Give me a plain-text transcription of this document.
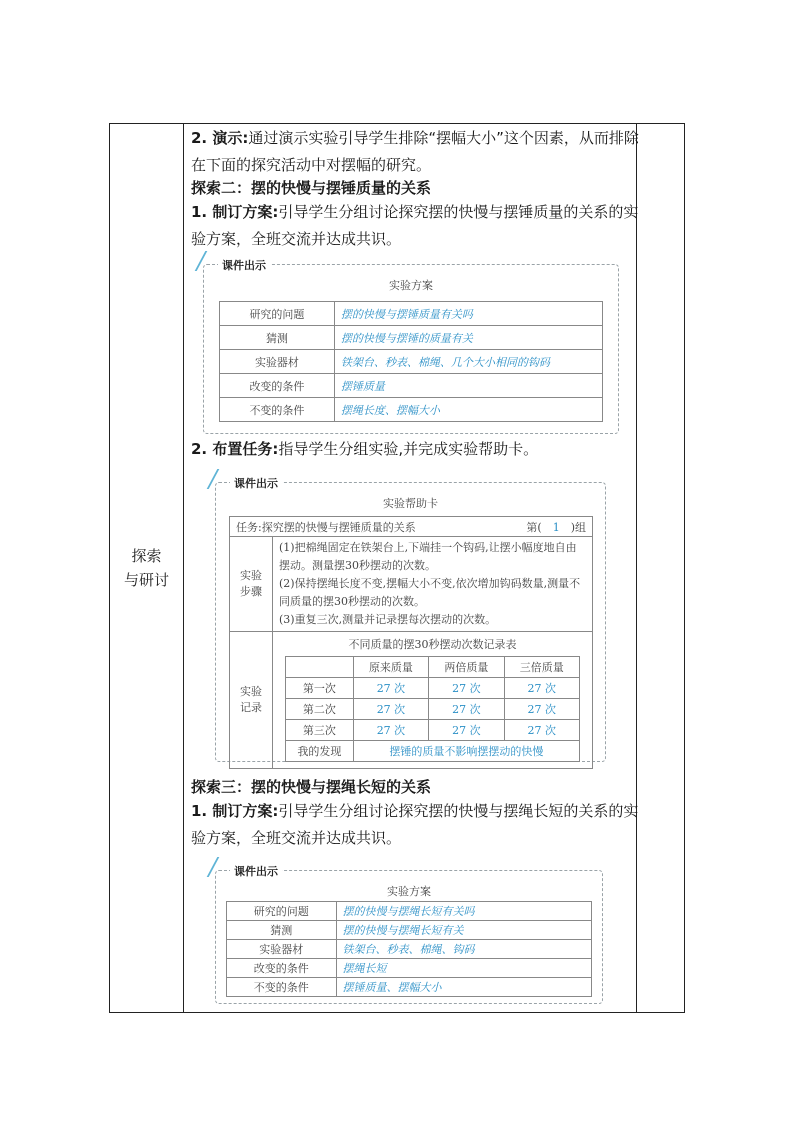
探索
与研讨
2. 演示:通过演示实验引导学生排除“摆幅大小”这个因素，从而排除在下面的探究活动中对摆幅的研究。
探索二：摆的快慢与摆锤质量的关系
1. 制订方案:引导学生分组讨论探究摆的快慢与摆锤质量的关系的实验方案，全班交流并达成共识。
课件出示
实验方案
研究的问题	摆的快慢与摆锤质量有关吗
猜测	摆的快慢与摆锤的质量有关
实验器材	铁架台、秒表、棉绳、几个大小相同的钩码
改变的条件	摆锤质量
不变的条件	摆绳长度、摆幅大小
2. 布置任务:指导学生分组实验,并完成实验帮助卡。
课件出示
实验帮助卡
任务:探究摆的快慢与摆锤质量的关系	第( 1 )组

实验步骤	
(1)把棉绳固定在铁架台上,下端挂一个钩码,让摆小幅度地自由摆动。测量摆30秒摆动的次数。
(2)保持摆绳长度不变,摆幅大小不变,依次增加钩码数量,测量不同质量的摆30秒摆动的次数。
(3)重复三次,测量并记录摆每次摆动的次数。

实验记录	
不同质量的摆30秒摆动次数记录表
	原来质量	两倍质量	三倍质量
第一次	27 次	27 次	27 次
第二次	27 次	27 次	27 次
第三次	27 次	27 次	27 次
我的发现	摆锤的质量不影响摆摆动的快慢
探索三：摆的快慢与摆绳长短的关系
1. 制订方案:引导学生分组讨论探究摆的快慢与摆绳长短的关系的实验方案，全班交流并达成共识。
课件出示
实验方案
研究的问题	摆的快慢与摆绳长短有关吗
猜测	摆的快慢与摆绳长短有关
实验器材	铁架台、秒表、棉绳、钩码
改变的条件	摆绳长短
不变的条件	摆锤质量、摆幅大小
